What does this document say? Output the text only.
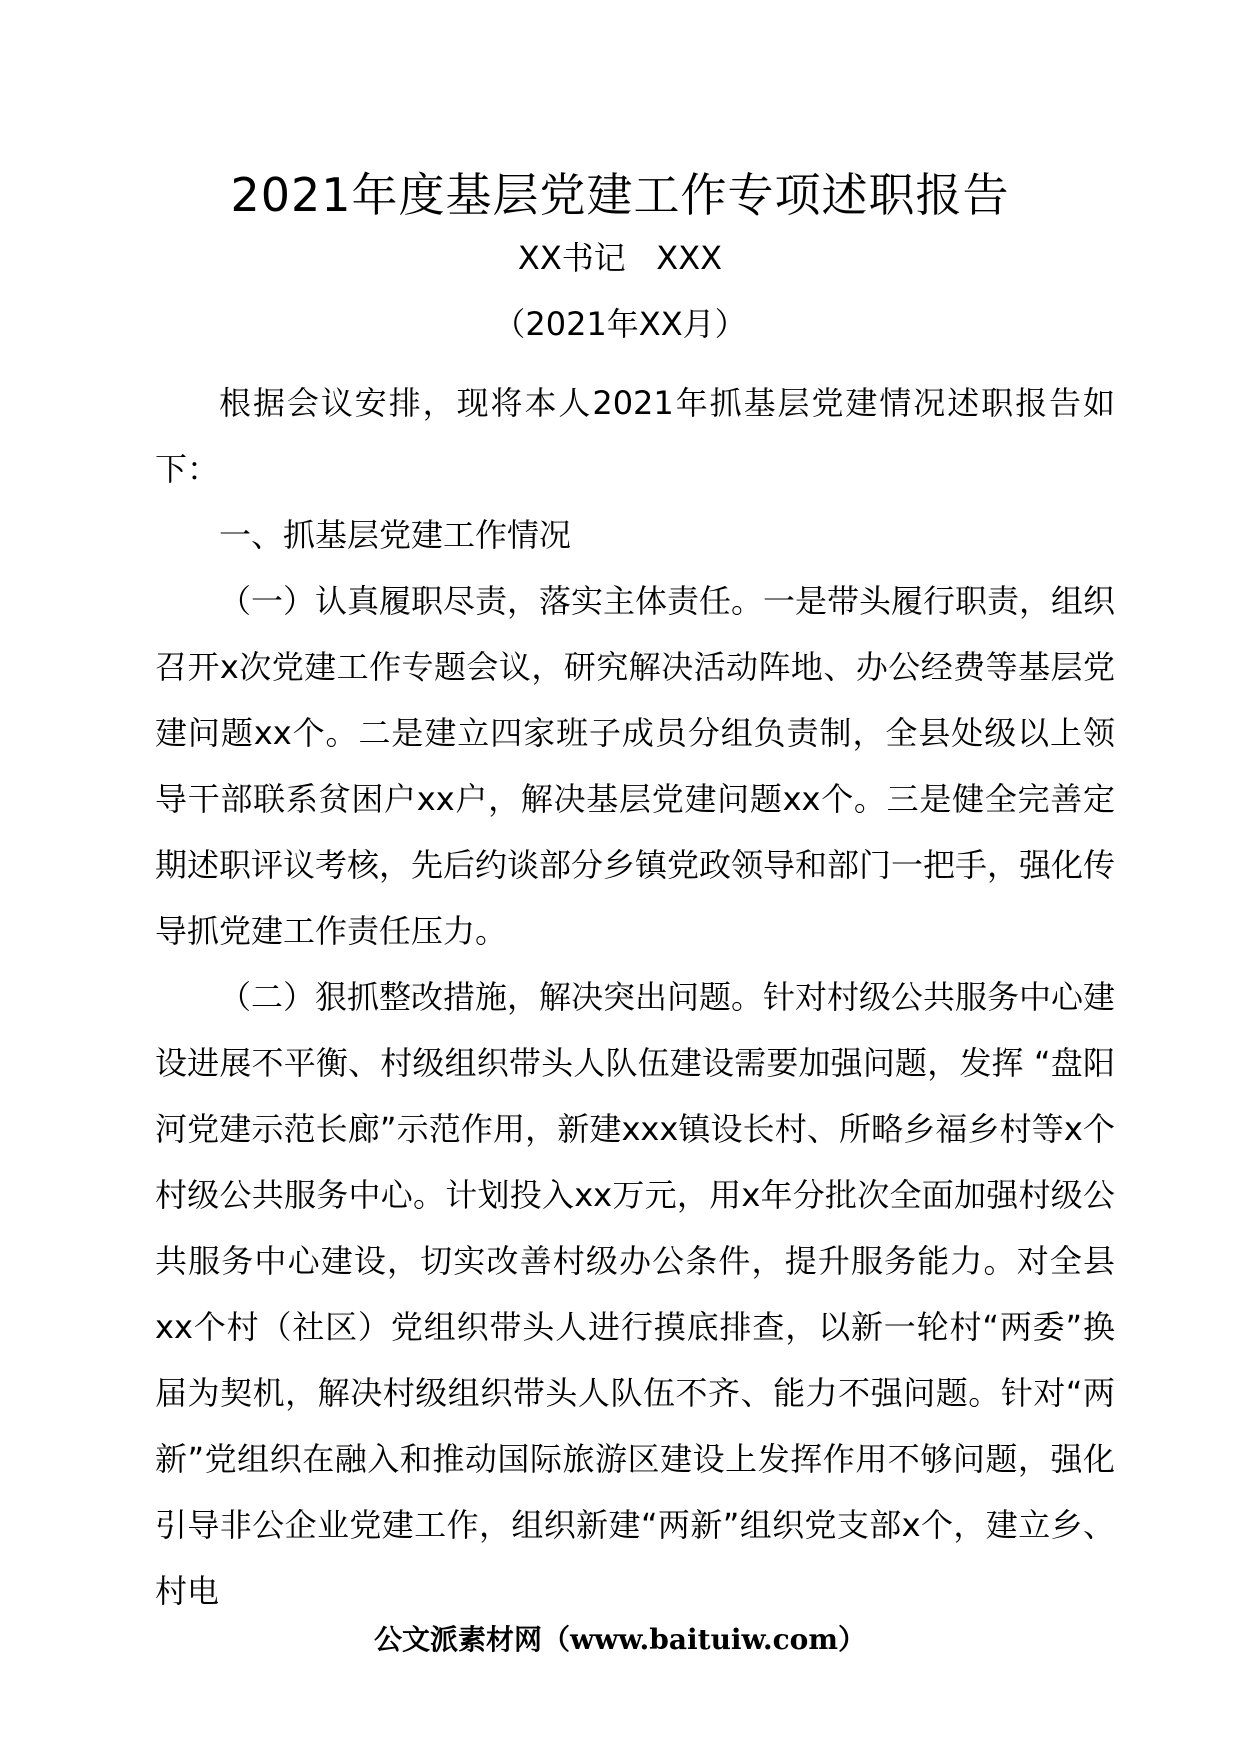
2021年度基层党建工作专项述职报告
XX书记   XXX
（2021年XX月）

根据会议安排，现将本人2021年抓基层党建情况述职报告如下：

一、抓基层党建工作情况

（一）认真履职尽责，落实主体责任。一是带头履行职责，组织召开x次党建工作专题会议，研究解决活动阵地、办公经费等基层党建问题xx个。二是建立四家班子成员分组负责制，全县处级以上领导干部联系贫困户xx户，解决基层党建问题xx个。三是健全完善定期述职评议考核，先后约谈部分乡镇党政领导和部门一把手，强化传导抓党建工作责任压力。

（二）狠抓整改措施，解决突出问题。针对村级公共服务中心建设进展不平衡、村级组织带头人队伍建设需要加强问题，发挥 “盘阳河党建示范长廊”示范作用，新建xxx镇设长村、所略乡福乡村等x个村级公共服务中心。计划投入xx万元，用x年分批次全面加强村级公共服务中心建设，切实改善村级办公条件，提升服务能力。对全县xx个村（社区）党组织带头人进行摸底排查，以新一轮村“两委”换届为契机，解决村级组织带头人队伍不齐、能力不强问题。针对“两新”党组织在融入和推动国际旅游区建设上发挥作用不够问题，强化引导非公企业党建工作，组织新建“两新”组织党支部x个，建立乡、村电

公文派素材网（www.baituiw.com）
